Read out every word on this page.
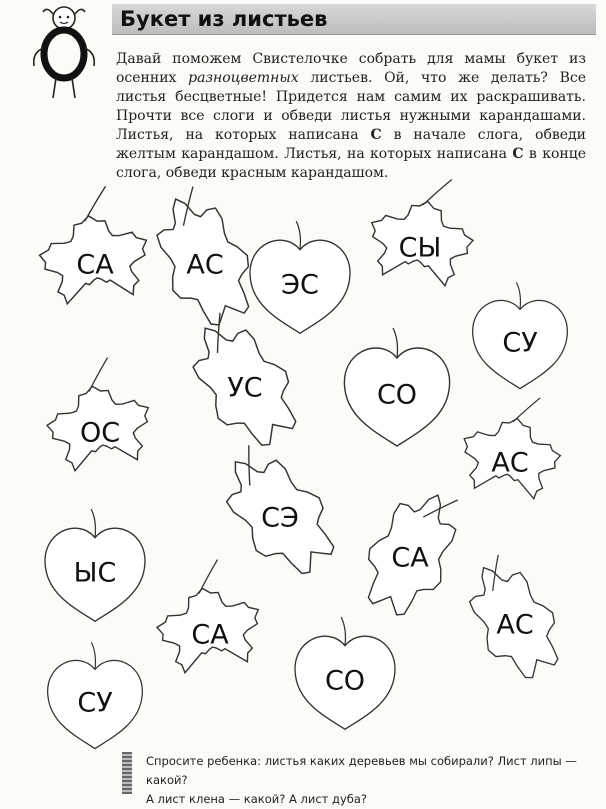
Букет из листьев
Давай поможем Свистелочке собрать для мамы букет из осенних разноцветных листьев. Ой, что же делать? Все листья бесцветные! Придется нам самим их раскрашивать. Прочти все слоги и обведи листья нужными карандашами. Листья, на которых написана С в начале слога, обведи желтым карандашом. Листья, на которых написана С в конце слога, обведи красным карандашом.
СА	АС
ЭС
СЫ
СУ
УС	СО
ОС
АС
СЭ
СА
ЫС
СА	АС
СО
СУ
Спросите ребенка: листья каких деревьев мы собирали? Лист липы — какой?
А лист клена — какой? А лист дуба?
